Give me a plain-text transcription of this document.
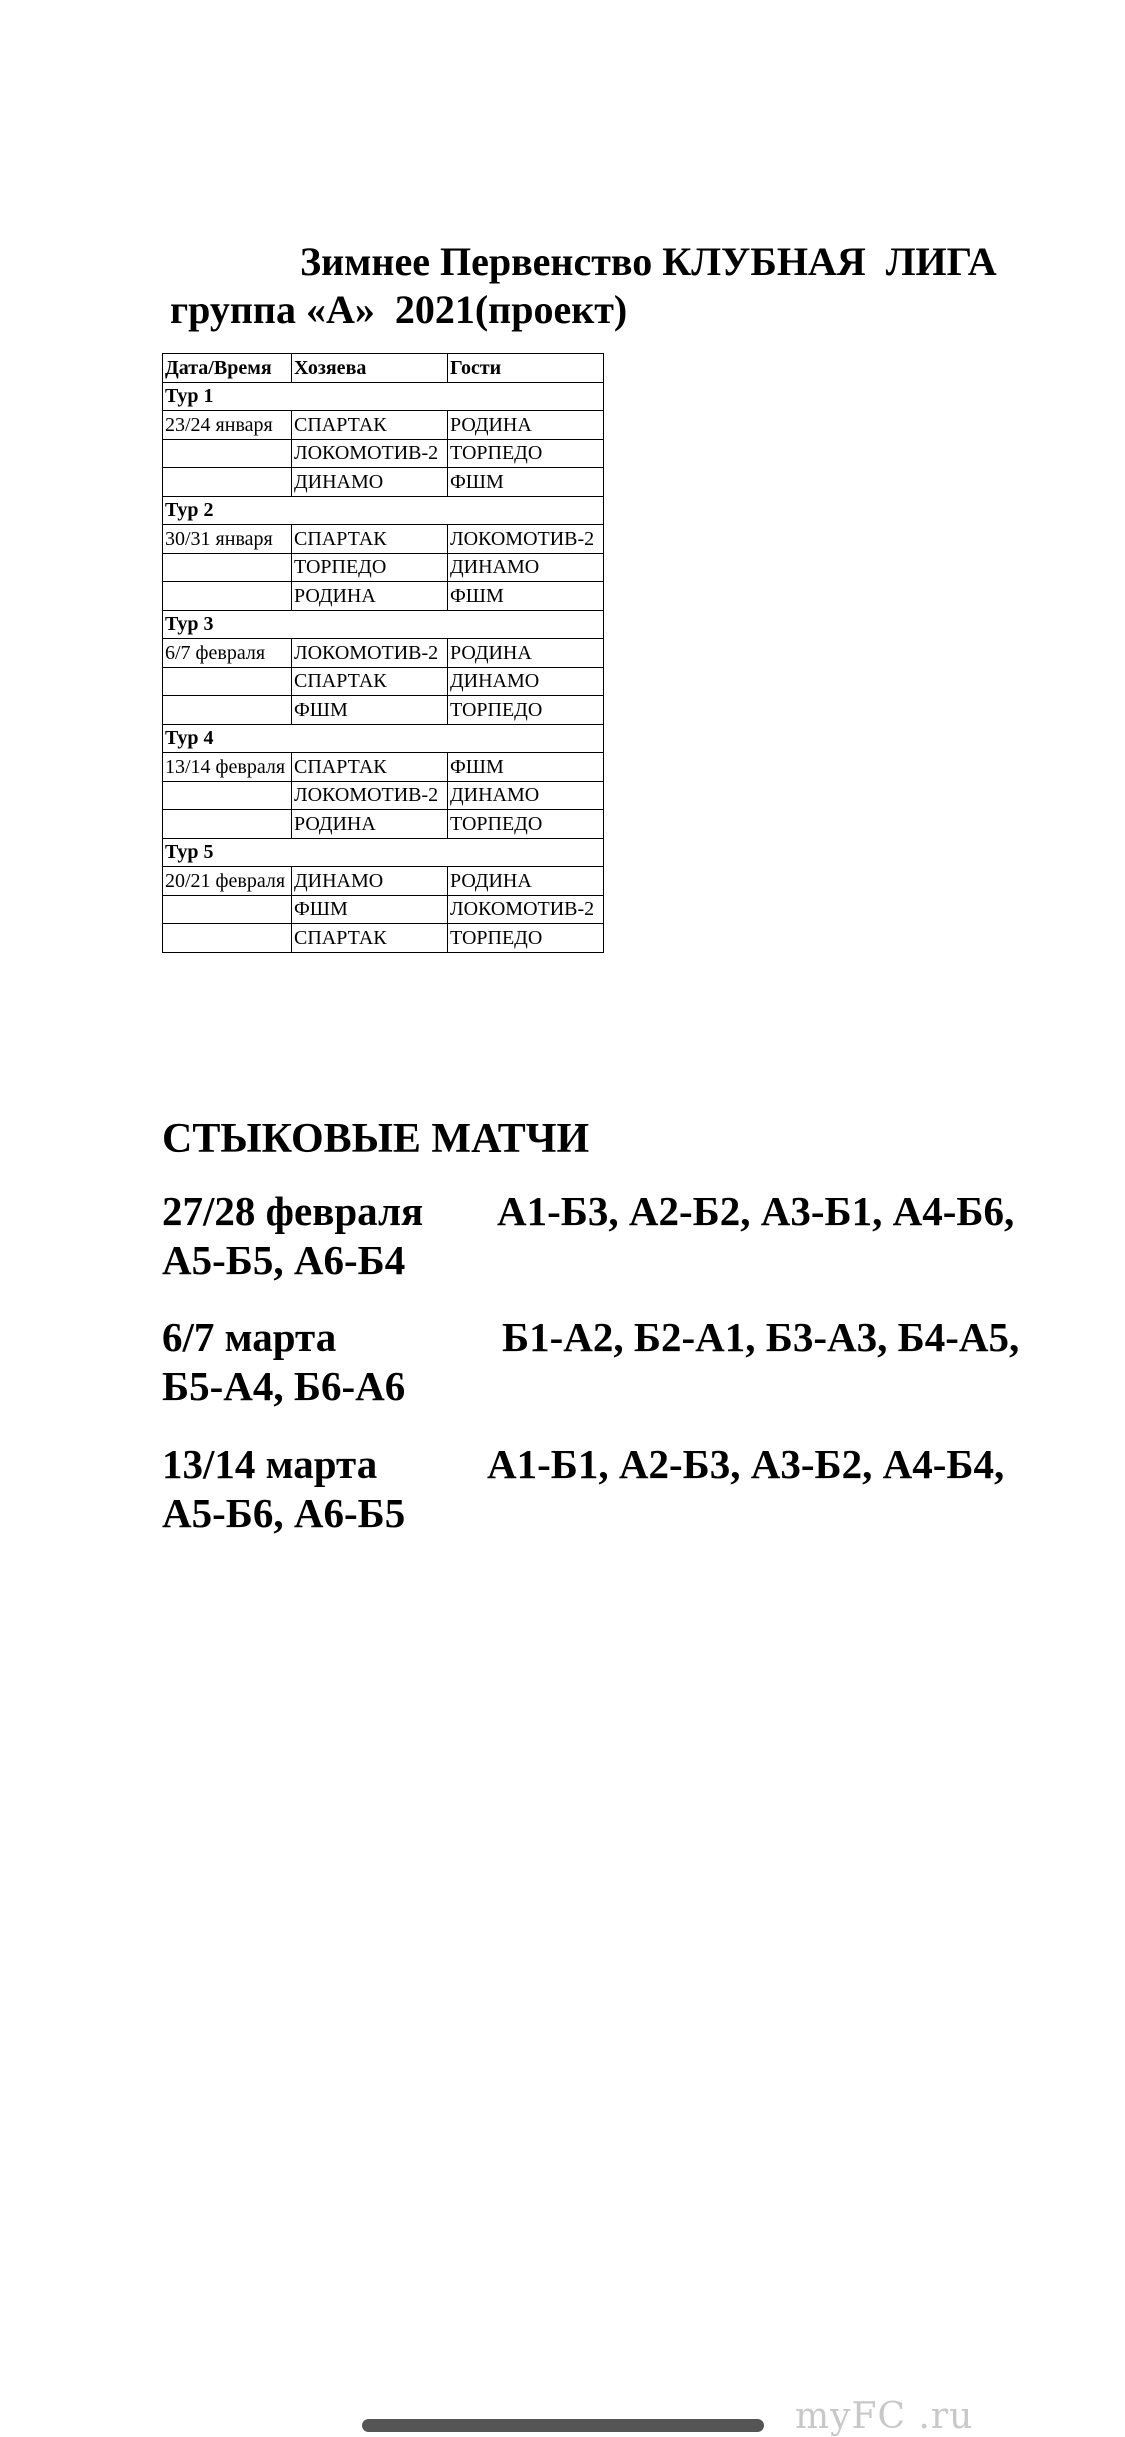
Зимнее Первенство КЛУБНАЯ  ЛИГА
группа «А»  2021(проект)
Дата/Время	Хозяева	Гости
Тур 1		
23/24 января	СПАРТАК	РОДИНА
	ЛОКОМОТИВ-2	ТОРПЕДО
	ДИНАМО	ФШМ
Тур 2		
30/31 января	СПАРТАК	ЛОКОМОТИВ-2
	ТОРПЕДО	ДИНАМО
	РОДИНА	ФШМ
Тур 3		
6/7 февраля	ЛОКОМОТИВ-2	РОДИНА
	СПАРТАК	ДИНАМО
	ФШМ	ТОРПЕДО
Тур 4		
13/14 февраля	СПАРТАК	ФШМ
	ЛОКОМОТИВ-2	ДИНАМО
	РОДИНА	ТОРПЕДО
Тур 5		
20/21 февраля	ДИНАМО	РОДИНА
	ФШМ	ЛОКОМОТИВ-2
	СПАРТАК	ТОРПЕДО
СТЫКОВЫЕ МАТЧИ
27/28 февраля А1-Б3, А2-Б2, А3-Б1, А4-Б6, А5-Б5, А6-Б4
6/7 марта	Б1-А2, Б2-А1, Б3-А3, Б4-А5, Б5-А4, Б6-А6
13/14 марта	А1-Б1, А2-Б3, А3-Б2, А4-Б4, А5-Б6, А6-Б5
myFC .ru
